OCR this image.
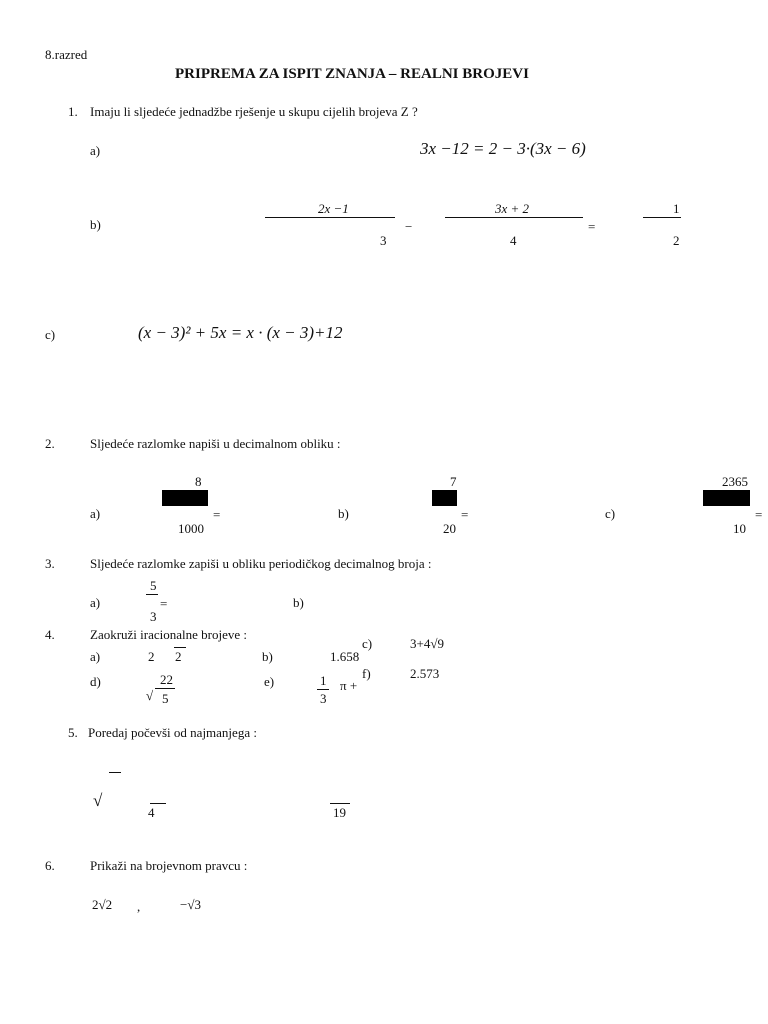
8.razred
PRIPREMA ZA ISPIT ZNANJA – REALNI BROJEVI
1. Imaju li sljedeće jednadžbe rješenje u skupu cijelih brojeva Z ?
a)	3x −12 = 2 − 3·(3x − 6)
b)
2x −1
3
−
3x + 2
4
=
1
2
c)	(x − 3)² + 5x = x · (x − 3)+12
2.	Sljedeće razlomke napiši u decimalnom obliku :
a)
8
1000
=	b)
7
20
=	c)
2365
10
=
3.	Sljedeće razlomke zapiši u obliku periodičkog decimalnog broja :
a)
5
3
=	b)
4.	Zaokruži iracionalne brojeve :
a)	2 2	b)	1.658
c)	3+4√9
d)	22
√ 5
e)	1
3
π +
f)	2.573
5. Poredaj počevši od najmanjega :
√
4	19
6.	Prikaži na brojevnom pravcu :
2√2 ,	−√3
